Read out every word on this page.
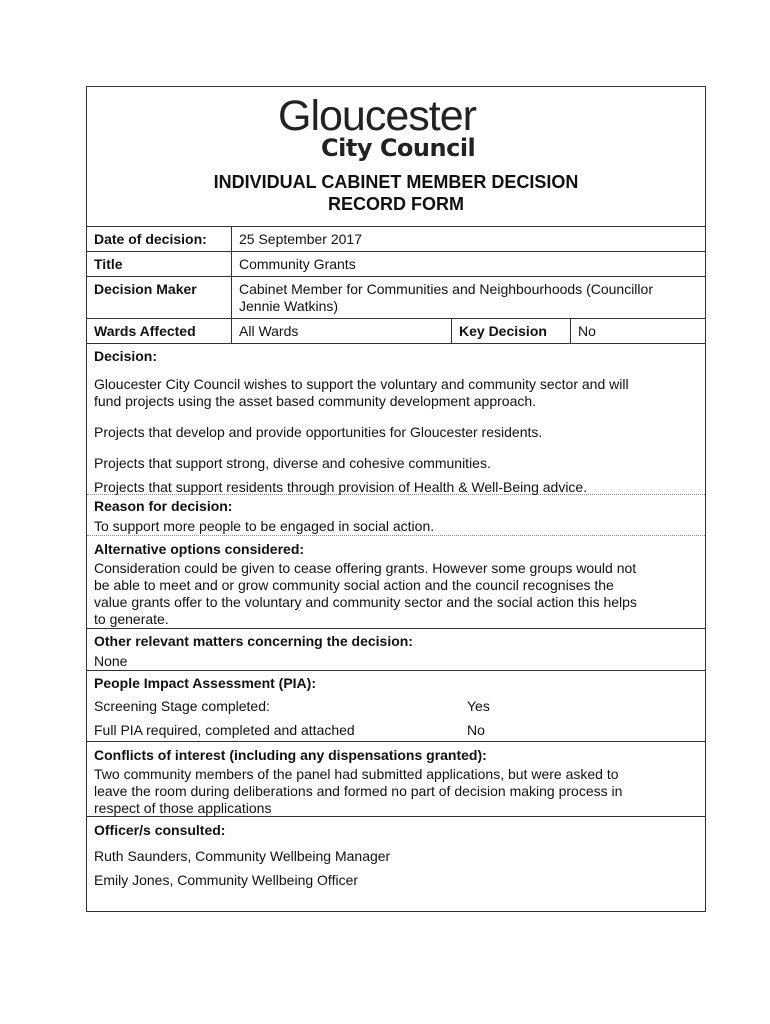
Gloucester
City Council
INDIVIDUAL CABINET MEMBER DECISION
RECORD FORM
Date of decision:	25 September 2017
Title	Community Grants
Decision Maker	Cabinet Member for Communities and Neighbourhoods (Councillor
Jennie Watkins)
Wards Affected	All Wards	Key Decision	No
Decision:

Gloucester City Council wishes to support the voluntary and community sector and will

fund projects using the asset based community development approach.

Projects that develop and provide opportunities for Gloucester residents.

Projects that support strong, diverse and cohesive communities.

Projects that support residents through provision of Health & Well-Being advice.

Reason for decision:

To support more people to be engaged in social action.

Alternative options considered:

Consideration could be given to cease offering grants. However some groups would not

be able to meet and or grow community social action and the council recognises the

value grants offer to the voluntary and community sector and the social action this helps

to generate.

Other relevant matters concerning the decision:

None

People Impact Assessment (PIA):
Screening Stage completed:	Yes
Full PIA required, completed and attached	No
Conflicts of interest (including any dispensations granted):

Two community members of the panel had submitted applications, but were asked to

leave the room during deliberations and formed no part of decision making process in

respect of those applications

Officer/s consulted:

Ruth Saunders, Community Wellbeing Manager

Emily Jones, Community Wellbeing Officer
